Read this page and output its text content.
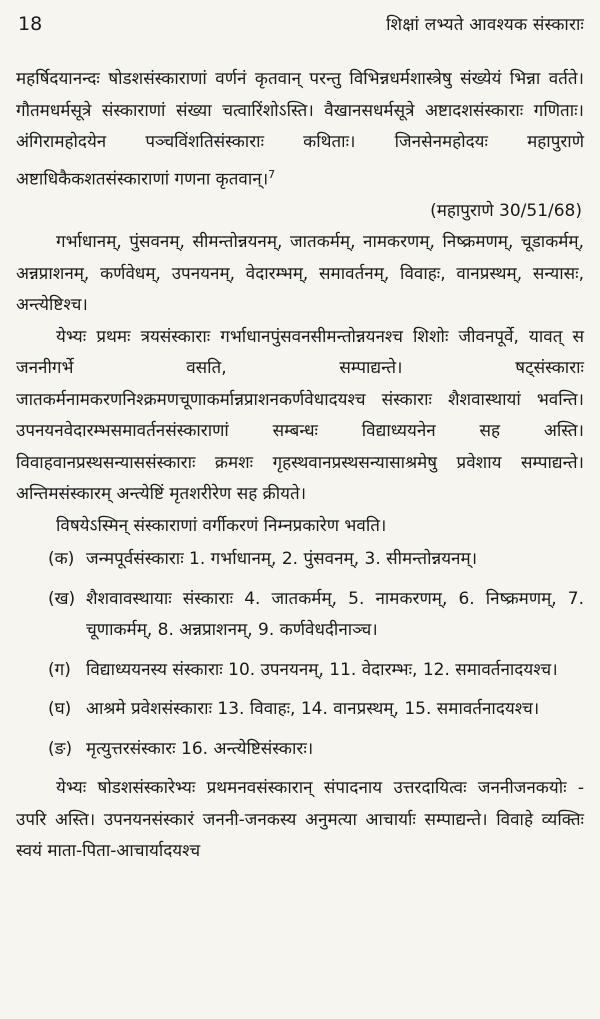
18	शिक्षां लभ्यते आवश्यक संस्काराः

महर्षिदयानन्दः षोडशसंस्काराणां वर्णनं कृतवान् परन्तु विभिन्नधर्मशास्त्रेषु संख्येयं भिन्ना वर्तते। गौतमधर्मसूत्रे संस्काराणां संख्या चत्वारिंशोऽस्ति। वैखानसधर्मसूत्रे अष्टादशसंस्काराः गणिताः। अंगिरामहोदयेन पञ्चविंशतिसंस्काराः कथिताः। जिनसेनमहोदयः महापुराणे अष्टाधिकैकशतसंस्काराणां गणना कृतवान्।$^7$

(महापुराणे 30/51/68)

गर्भाधानम्, पुंसवनम्, सीमन्तोन्नयनम्, जातकर्मम्, नामकरणम्, निष्क्रमणम्, चूडाकर्मम्, अन्नप्राशनम्, कर्णवेधम्, उपनयनम्, वेदारम्भम्, समावर्तनम्, विवाहः, वानप्रस्थम्, सन्यासः, अन्त्येष्टिश्च।

येभ्यः प्रथमः त्रयसंस्काराः गर्भाधानपुंसवनसीमन्तोन्नयनश्च शिशोः जीवनपूर्वे, यावत् स जननीगर्भे वसति, सम्पाद्यन्ते। षट्संस्काराः जातकर्मनामकरणनिश्क्रमणचूणाकर्मान्नप्राशनकर्णवेधादयश्च संस्काराः शैशवास्थायां भवन्ति। उपनयनवेदारम्भसमावर्तनसंस्काराणां सम्बन्धः विद्याध्ययनेन सह अस्ति। विवाहवानप्रस्थसन्याससंस्काराः क्रमशः गृहस्थवानप्रस्थसन्यासाश्रमेषु प्रवेशाय सम्पाद्यन्ते। अन्तिमसंस्कारम् अन्त्येष्टिं मृतशरीरेण सह क्रीयते।

विषयेऽस्मिन् संस्काराणां वर्गीकरणं निम्नप्रकारेण भवति।

(क) जन्मपूर्वसंस्काराः 1. गर्भाधानम्, 2. पुंसवनम्, 3. सीमन्तोन्नयनम्।
(ख) शैशवावस्थायाः संस्काराः 4. जातकर्मम्, 5. नामकरणम्, 6. निष्क्रमणम्, 7. चूणाकर्मम्, 8. अन्नप्राशनम्, 9. कर्णवेधदीनाञ्च।
(ग) विद्याध्ययनस्य संस्काराः 10. उपनयनम्, 11. वेदारम्भः, 12. समावर्तनादयश्च।
(घ) आश्रमे प्रवेशसंस्काराः 13. विवाहः, 14. वानप्रस्थम्, 15. समावर्तनादयश्च।
(ङ) मृत्युत्तरसंस्कारः 16. अन्त्येष्टिसंस्कारः।

येभ्यः षोडशसंस्कारेभ्यः प्रथमनवसंस्कारान् संपादनाय उत्तरदायित्वः जननीजनकयोः - उपरि अस्ति। उपनयनसंस्कारं जननी-जनकस्य अनुमत्या आचार्याः सम्पाद्यन्ते। विवाहे व्यक्तिः स्वयं माता-पिता-आचार्यादयश्च
